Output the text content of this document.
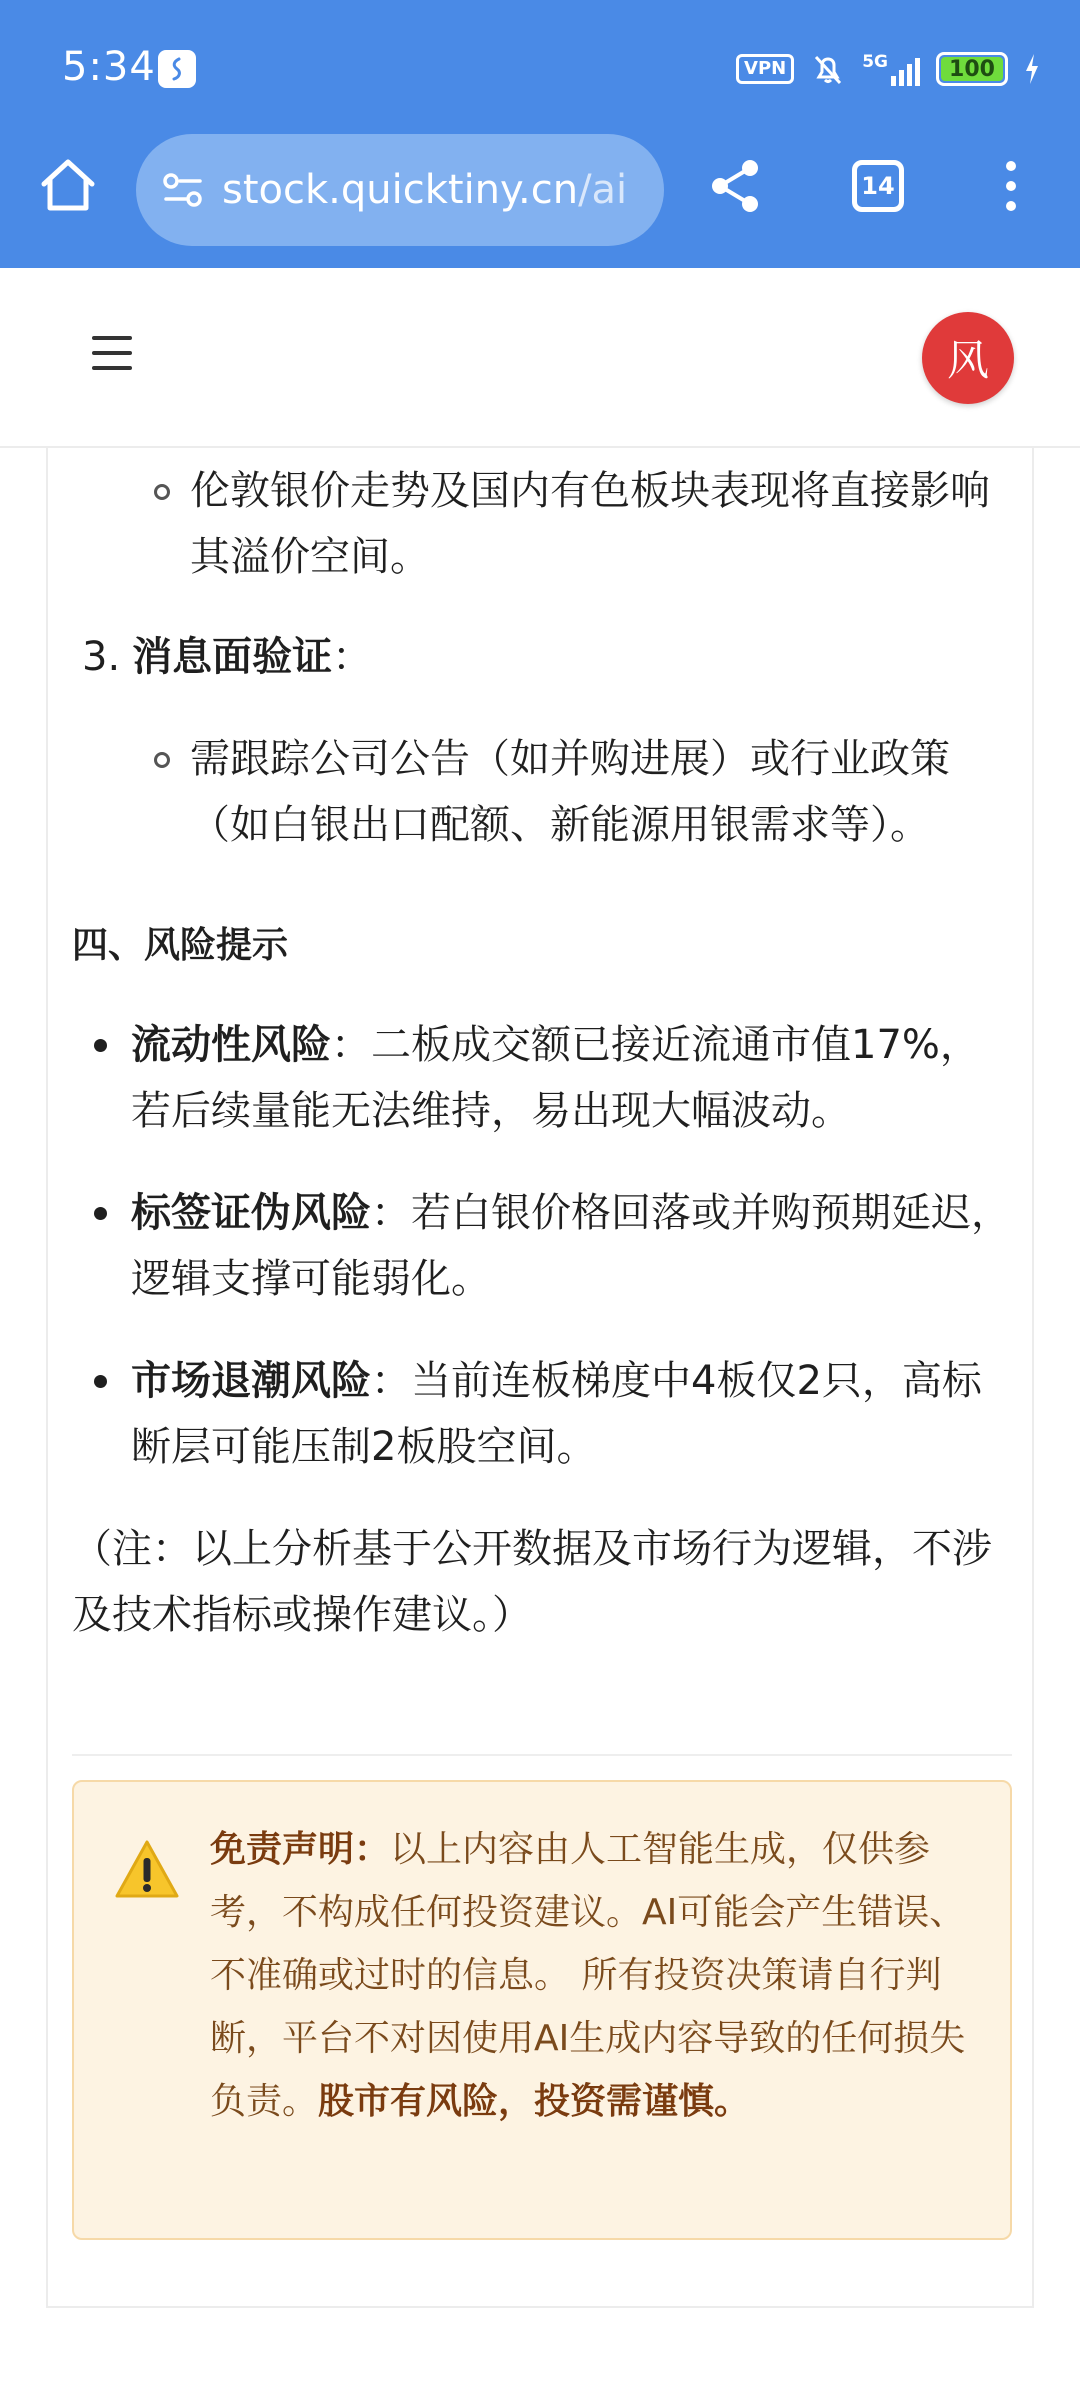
5:34	VPN	5G	100
stock.quicktiny.cn/ai	14
风
伦敦银价走势及国内有色板块表现将直接影响其溢价空间。
3. 消息面验证：
需跟踪公司公告（如并购进展）或行业政策（如白银出口配额、新能源用银需求等）。
四、风险提示
流动性风险：二板成交额已接近流通市值17%，若后续量能无法维持，易出现大幅波动。
标签证伪风险：若白银价格回落或并购预期延迟，逻辑支撑可能弱化。
市场退潮风险：当前连板梯度中4板仅2只，高标断层可能压制2板股空间。
（注：以上分析基于公开数据及市场行为逻辑，不涉及技术指标或操作建议。）
免责声明：以上内容由人工智能生成，仅供参考，不构成任何投资建议。AI可能会产生错误、不准确或过时的信息。 所有投资决策请自行判断，平台不对因使用AI生成内容导致的任何损失负责。股市有风险，投资需谨慎。
